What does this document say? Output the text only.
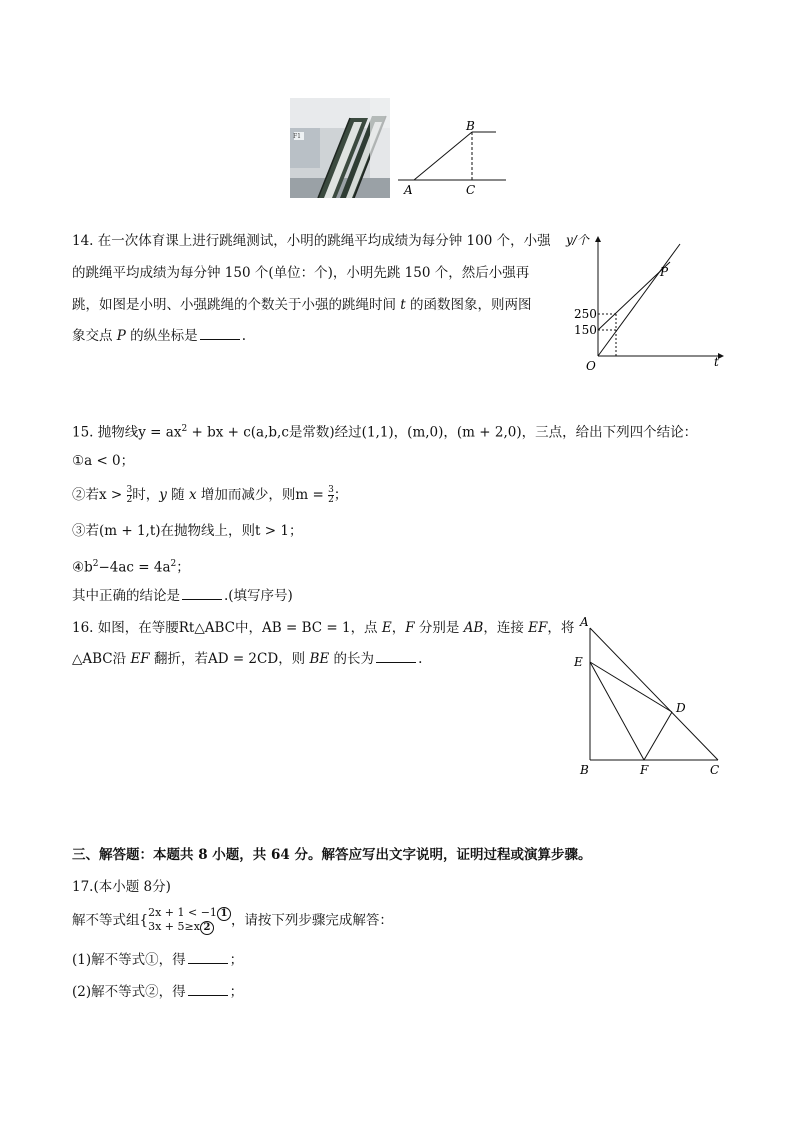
F1
A
B
C
14. 在一次体育课上进行跳绳测试，小明的跳绳平均成绩为每分钟 100 个，小强
的跳绳平均成绩为每分钟 150 个(单位：个)，小明先跳 150 个，然后小强再
跳，如图是小明、小强跳绳的个数关于小强的跳绳时间 t 的函数图象，则两图
象交点 P 的纵坐标是	.
y/个
t
O
P
250
150
15. 抛物线$y = ax^2$ + bx + c(a,b,c是常数)经过(1,1)，(m,0)，(m + 2,0)，三点，给出下列四个结论：
①a < 0；
②若$x > \frac{3}{2}$ 时，y 随 x 增加而减少，则$m = \frac{3}{2}$ ；
③若(m + 1,t)在抛物线上，则t > 1；
$④b^2-4ac = 4a^2$；
其中正确的结论是	.(填写序号)
16. 如图，在等腰Rt△ABC中，AB = BC = 1，点 E，F 分别是 AB，连接 EF，将
△ABC沿 EF 翻折，若AD = 2CD，则 BE 的长为	.
A
E
D
B	F	C
三、解答题：本题共 8 小题，共 64 分。解答应写出文字说明，证明过程或演算步骤。
17.(本小题 8分)
解不等式组{
2x + 1 < −1 1
3x + 5≥x 2	，请按下列步骤完成解答：
(1)解不等式①，得	；
(2)解不等式②，得	；
